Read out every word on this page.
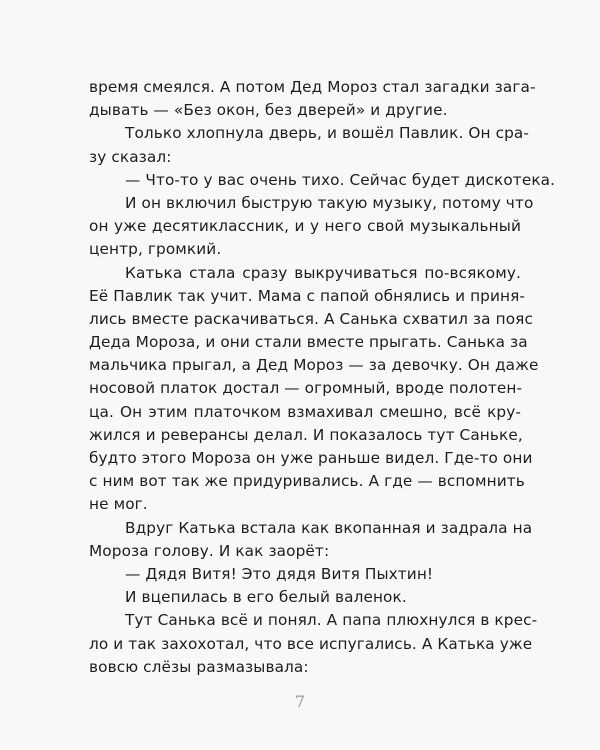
время смеялся. А потом Дед Мороз стал загадки зага-
дывать — «Без окон, без дверей» и другие.
Только хлопнула дверь, и вошёл Павлик. Он сра-
зу сказал:
— Что-то у вас очень тихо. Сейчас будет дискотека.
И он включил быструю такую музыку, потому что
он уже десятиклассник, и у него свой музыкальный
центр, громкий.
Катька стала сразу выкручиваться по-всякому.
Её Павлик так учит. Мама с папой обнялись и приня-
лись вместе раскачиваться. А Санька схватил за пояс
Деда Мороза, и они стали вместе прыгать. Санька за
мальчика прыгал, а Дед Мороз — за девочку. Он даже
носовой платок достал — огромный, вроде полотен-
ца. Он этим платочком взмахивал смешно, всё кру-
жился и реверансы делал. И показалось тут Саньке,
будто этого Мороза он уже раньше видел. Где-то они
с ним вот так же придуривались. А где — вспомнить
не мог.
Вдруг Катька встала как вкопанная и задрала на
Мороза голову. И как заорёт:
— Дядя Витя! Это дядя Витя Пыхтин!
И вцепилась в его белый валенок.
Тут Санька всё и понял. А папа плюхнулся в крес-
ло и так захохотал, что все испугались. А Катька уже
вовсю слёзы размазывала:
7
